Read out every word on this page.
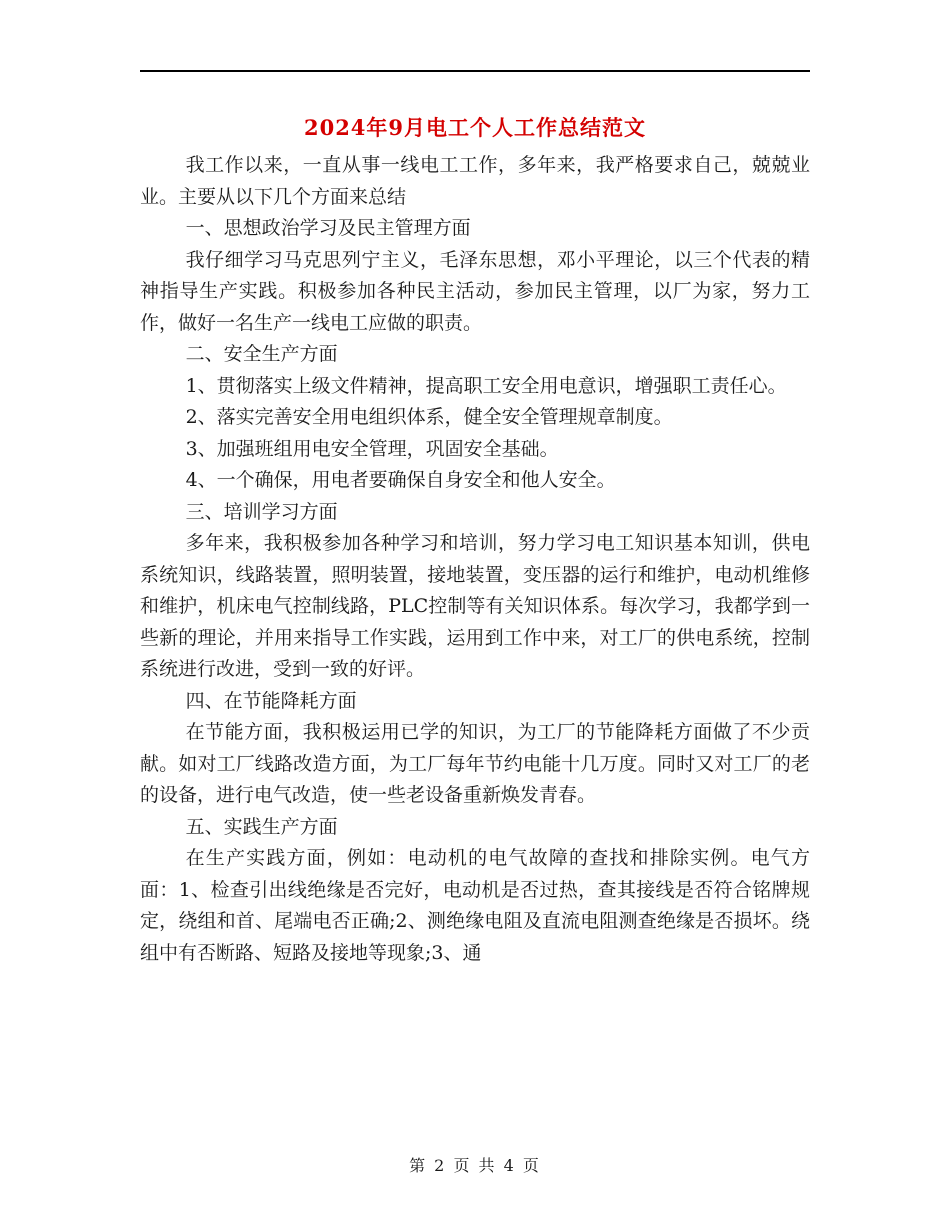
2024年9月电工个人工作总结范文

我工作以来，一直从事一线电工工作，多年来，我严格要求自己，兢兢业业。主要从以下几个方面来总结

一、思想政治学习及民主管理方面

我仔细学习马克思列宁主义，毛泽东思想，邓小平理论，以三个代表的精神指导生产实践。积极参加各种民主活动，参加民主管理，以厂为家，努力工作，做好一名生产一线电工应做的职责。

二、安全生产方面

1、贯彻落实上级文件精神，提高职工安全用电意识，增强职工责任心。

2、落实完善安全用电组织体系，健全安全管理规章制度。

3、加强班组用电安全管理，巩固安全基础。

4、一个确保，用电者要确保自身安全和他人安全。

三、培训学习方面

多年来，我积极参加各种学习和培训，努力学习电工知识基本知训，供电系统知识，线路装置，照明装置，接地装置，变压器的运行和维护，电动机维修和维护，机床电气控制线路，PLC控制等有关知识体系。每次学习，我都学到一些新的理论，并用来指导工作实践，运用到工作中来，对工厂的供电系统，控制系统进行改进，受到一致的好评。

四、在节能降耗方面

在节能方面，我积极运用已学的知识，为工厂的节能降耗方面做了不少贡献。如对工厂线路改造方面，为工厂每年节约电能十几万度。同时又对工厂的老的设备，进行电气改造，使一些老设备重新焕发青春。

五、实践生产方面

在生产实践方面，例如：电动机的电气故障的查找和排除实例。电气方面：1、检查引出线绝缘是否完好，电动机是否过热，查其接线是否符合铭牌规定，绕组和首、尾端电否正确;2、测绝缘电阻及直流电阻测查绝缘是否损坏。绕组中有否断路、短路及接地等现象;3、通

第 2 页 共 4 页
